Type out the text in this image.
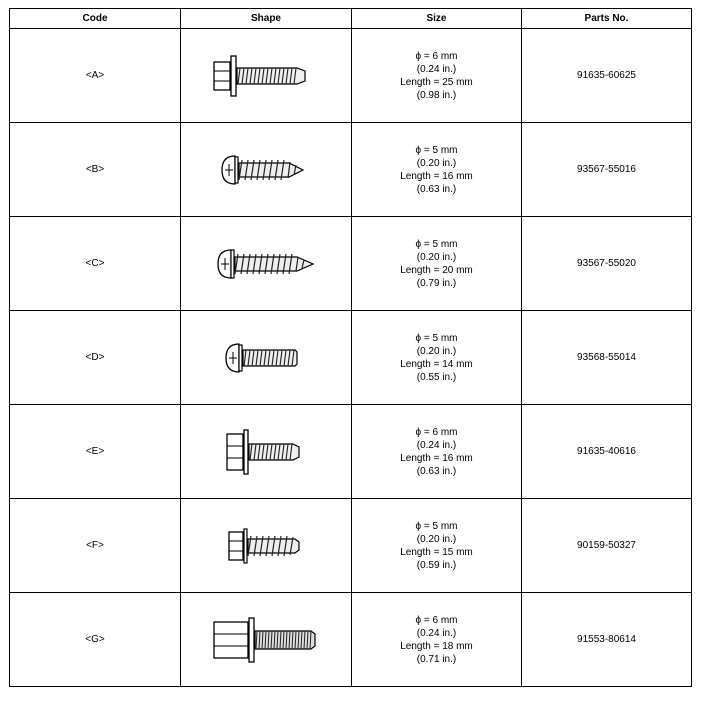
Code	Shape	Size	Parts No.
<A>		ϕ = 6 mm
(0.24 in.)
Length = 25 mm
(0.98 in.)	91635-60625
<B>		ϕ = 5 mm
(0.20 in.)
Length = 16 mm
(0.63 in.)	93567-55016
<C>		ϕ = 5 mm
(0.20 in.)
Length = 20 mm
(0.79 in.)	93567-55020
<D>		ϕ = 5 mm
(0.20 in.)
Length = 14 mm
(0.55 in.)	93568-55014
<E>		ϕ = 6 mm
(0.24 in.)
Length = 16 mm
(0.63 in.)	91635-40616
<F>		ϕ = 5 mm
(0.20 in.)
Length = 15 mm
(0.59 in.)	90159-50327
<G>		ϕ = 6 mm
(0.24 in.)
Length = 18 mm
(0.71 in.)	91553-80614
